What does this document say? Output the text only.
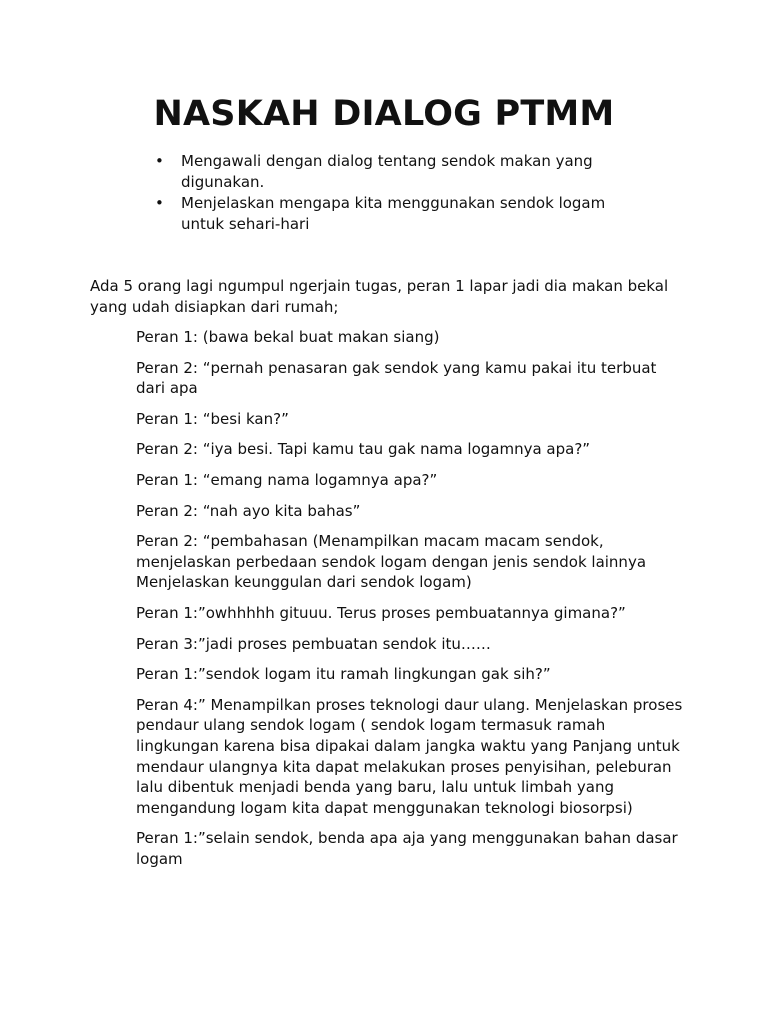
NASKAH DIALOG PTMM
• Mengawali dengan dialog tentang sendok makan yang digunakan.
• Menjelaskan mengapa kita menggunakan sendok logam untuk sehari-hari

Ada 5 orang lagi ngumpul ngerjain tugas, peran 1 lapar jadi dia makan bekal yang udah disiapkan dari rumah;

Peran 1: (bawa bekal buat makan siang)

Peran 2: “pernah penasaran gak sendok yang kamu pakai itu terbuat dari apa

Peran 1: “besi kan?”

Peran 2: “iya besi. Tapi kamu tau gak nama logamnya apa?”

Peran 1: “emang nama logamnya apa?”

Peran 2: “nah ayo kita bahas”

Peran 2: “pembahasan (Menampilkan macam macam sendok, menjelaskan perbedaan sendok logam dengan jenis sendok lainnya Menjelaskan keunggulan dari sendok logam)

Peran 1:”owhhhhh gituuu. Terus proses pembuatannya gimana?”

Peran 3:”jadi proses pembuatan sendok itu……

Peran 1:”sendok logam itu ramah lingkungan gak sih?”

Peran 4:” Menampilkan proses teknologi daur ulang. Menjelaskan proses pendaur ulang sendok logam ( sendok logam termasuk ramah lingkungan karena bisa dipakai dalam jangka waktu yang Panjang untuk mendaur ulangnya kita dapat melakukan proses penyisihan, peleburan lalu dibentuk menjadi benda yang baru, lalu untuk limbah yang mengandung logam kita dapat menggunakan teknologi biosorpsi)

Peran 1:”selain sendok, benda apa aja yang menggunakan bahan dasar logam
